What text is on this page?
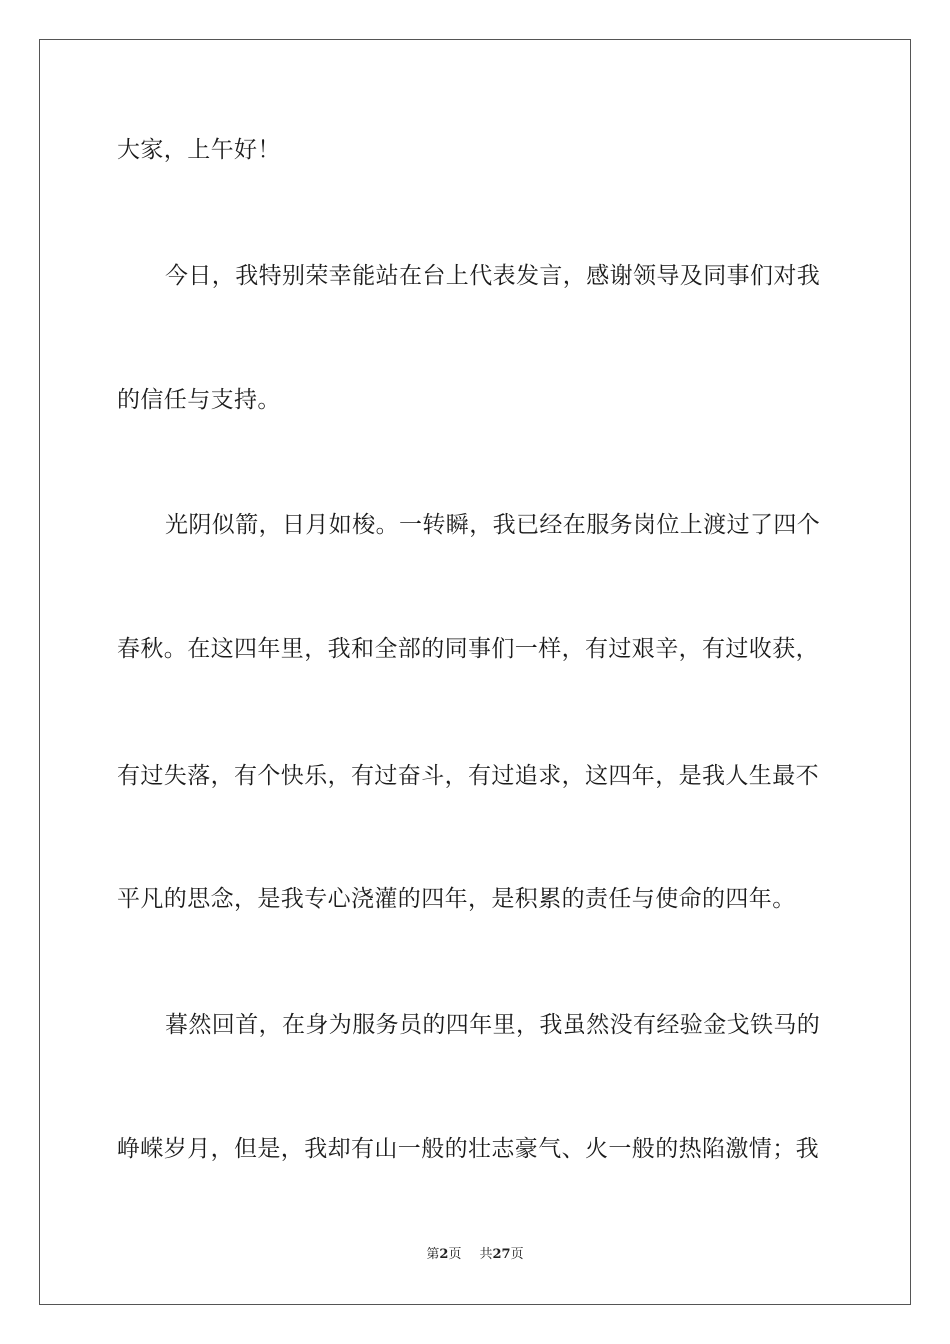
大家，上午好！
今日，我特别荣幸能站在台上代表发言，感谢领导及同事们对我
的信任与支持。
光阴似箭，日月如梭。一转瞬，我已经在服务岗位上渡过了四个
春秋。在这四年里，我和全部的同事们一样，有过艰辛，有过收获，
有过失落，有个快乐，有过奋斗，有过追求，这四年，是我人生最不
平凡的思念，是我专心浇灌的四年，是积累的责任与使命的四年。
暮然回首，在身为服务员的四年里，我虽然没有经验金戈铁马的
峥嵘岁月，但是，我却有山一般的壮志豪气、火一般的热陷激情；我
第2页 共27页
